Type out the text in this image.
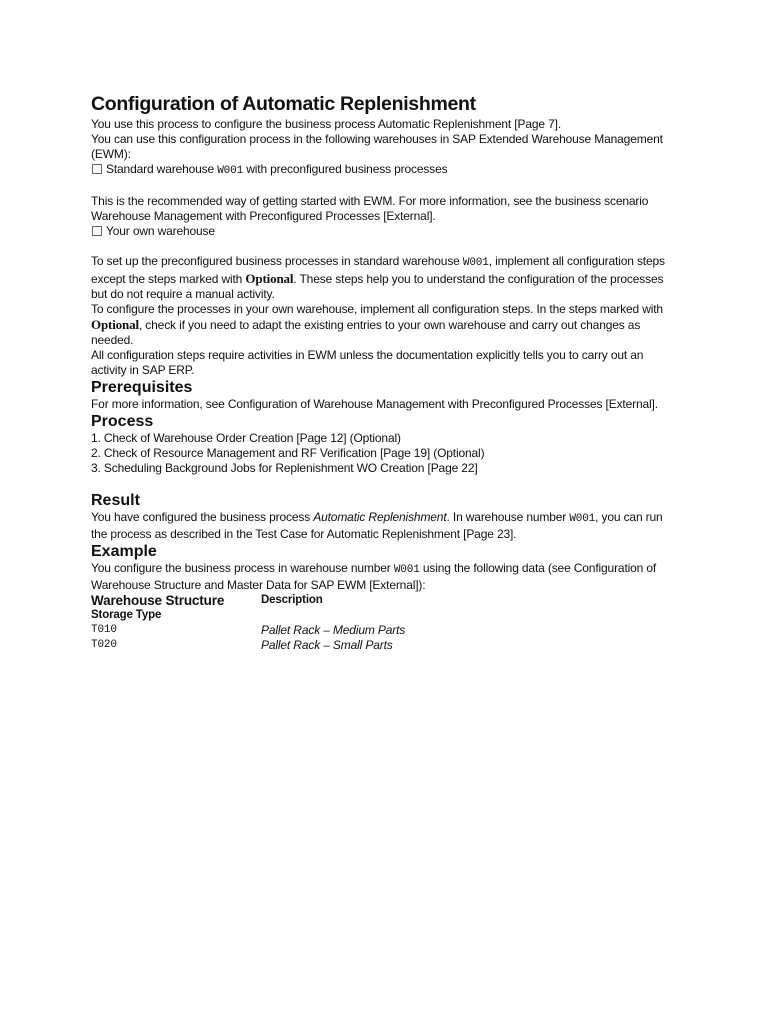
Configuration of Automatic Replenishment

You use this process to configure the business process Automatic Replenishment [Page 7].

You can use this configuration process in the following warehouses in SAP Extended Warehouse Management (EWM):

Standard warehouse W001 with preconfigured business processes

This is the recommended way of getting started with EWM. For more information, see the business scenario Warehouse Management with Preconfigured Processes [External].

Your own warehouse

To set up the preconfigured business processes in standard warehouse W001, implement all configuration steps except the steps marked with Optional. These steps help you to understand the configuration of the processes but do not require a manual activity.

To configure the processes in your own warehouse, implement all configuration steps. In the steps marked with Optional, check if you need to adapt the existing entries to your own warehouse and carry out changes as needed.

All configuration steps require activities in EWM unless the documentation explicitly tells you to carry out an activity in SAP ERP.

Prerequisites

For more information, see Configuration of Warehouse Management with Preconfigured Processes [External].

Process
1. Check of Warehouse Order Creation [Page 12] (Optional)
2. Check of Resource Management and RF Verification [Page 19] (Optional)
3. Scheduling Background Jobs for Replenishment WO Creation [Page 22]
Result

You have configured the business process Automatic Replenishment. In warehouse number W001, you can run the process as described in the Test Case for Automatic Replenishment [Page 23].

Example

You configure the business process in warehouse number W001 using the following data (see Configuration of Warehouse Structure and Master Data for SAP EWM [External]):

Warehouse Structure	Description
Storage Type
T010	Pallet Rack – Medium Parts
T020	Pallet Rack – Small Parts
